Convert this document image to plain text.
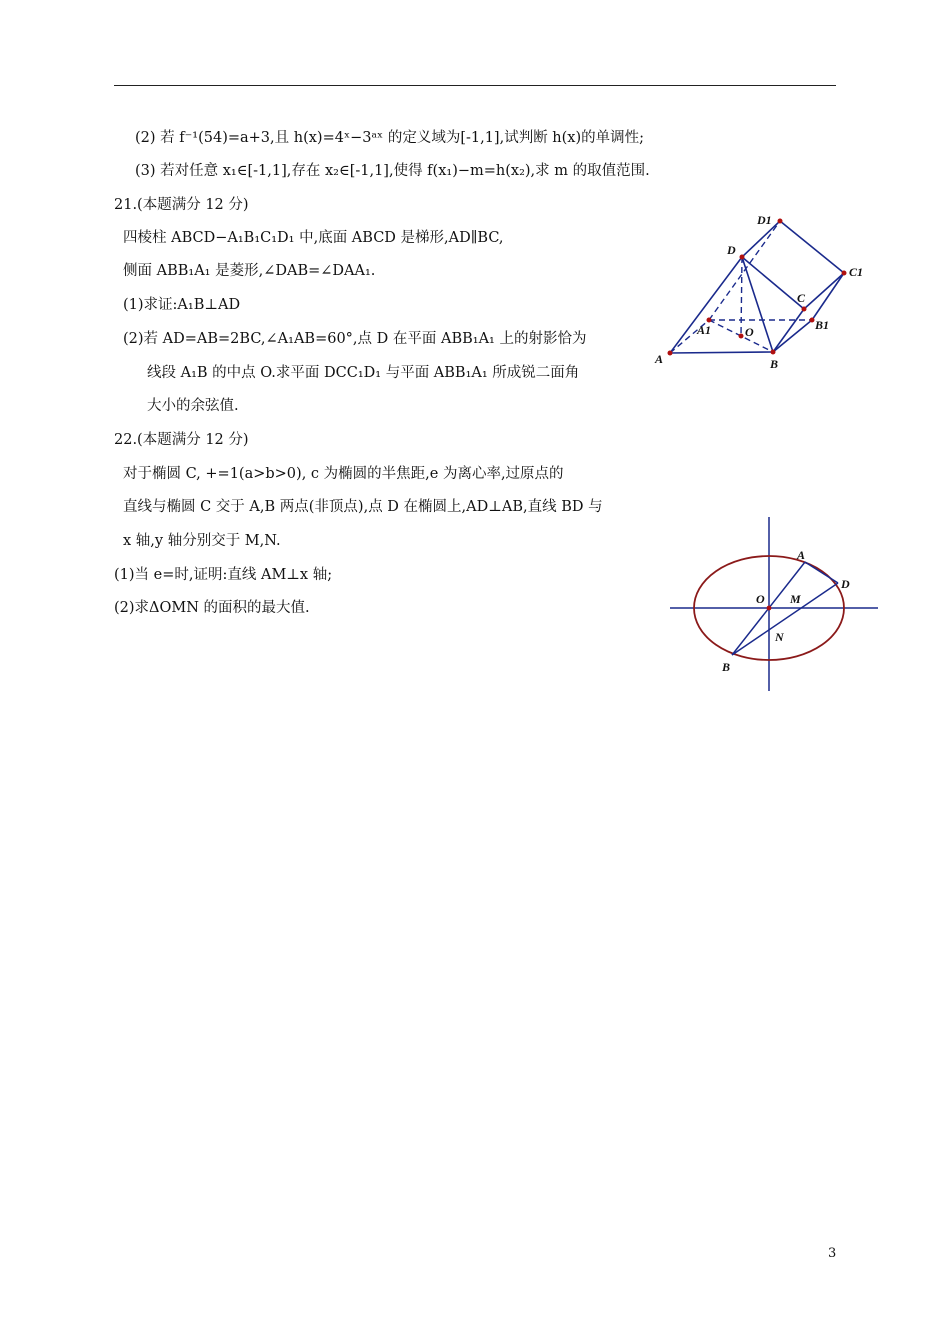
(2) 若 f⁻¹(54)=a+3,且 h(x)=4ˣ−3ᵃˣ 的定义域为[-1,1],试判断 h(x)的单调性;
(3) 若对任意 x₁∈[-1,1],存在 x₂∈[-1,1],使得 f(x₁)−m=h(x₂),求 m 的取值范围.
21.(本题满分 12 分)
四棱柱 ABCD−A₁B₁C₁D₁ 中,底面 ABCD 是梯形,AD∥BC,
侧面 ABB₁A₁ 是菱形,∠DAB=∠DAA₁.
(1)求证:A₁B⊥AD
(2)若 AD=AB=2BC,∠A₁AB=60°,点 D 在平面 ABB₁A₁ 上的射影恰为
线段 A₁B 的中点 O.求平面 DCC₁D₁ 与平面 ABB₁A₁ 所成锐二面角
大小的余弦值.
D1
D
C1
C
A1	O	B1
A	B
22.(本题满分 12 分)
对于椭圆 C, +=1(a>b>0), c 为椭圆的半焦距,e 为离心率,过原点的
直线与椭圆 C 交于 A,B 两点(非顶点),点 D 在椭圆上,AD⊥AB,直线 BD 与
x 轴,y 轴分别交于 M,N.
(1)当 e=时,证明:直线 AM⊥x 轴;
(2)求ΔOMN 的面积的最大值.
A
D
O M
N
B
3
